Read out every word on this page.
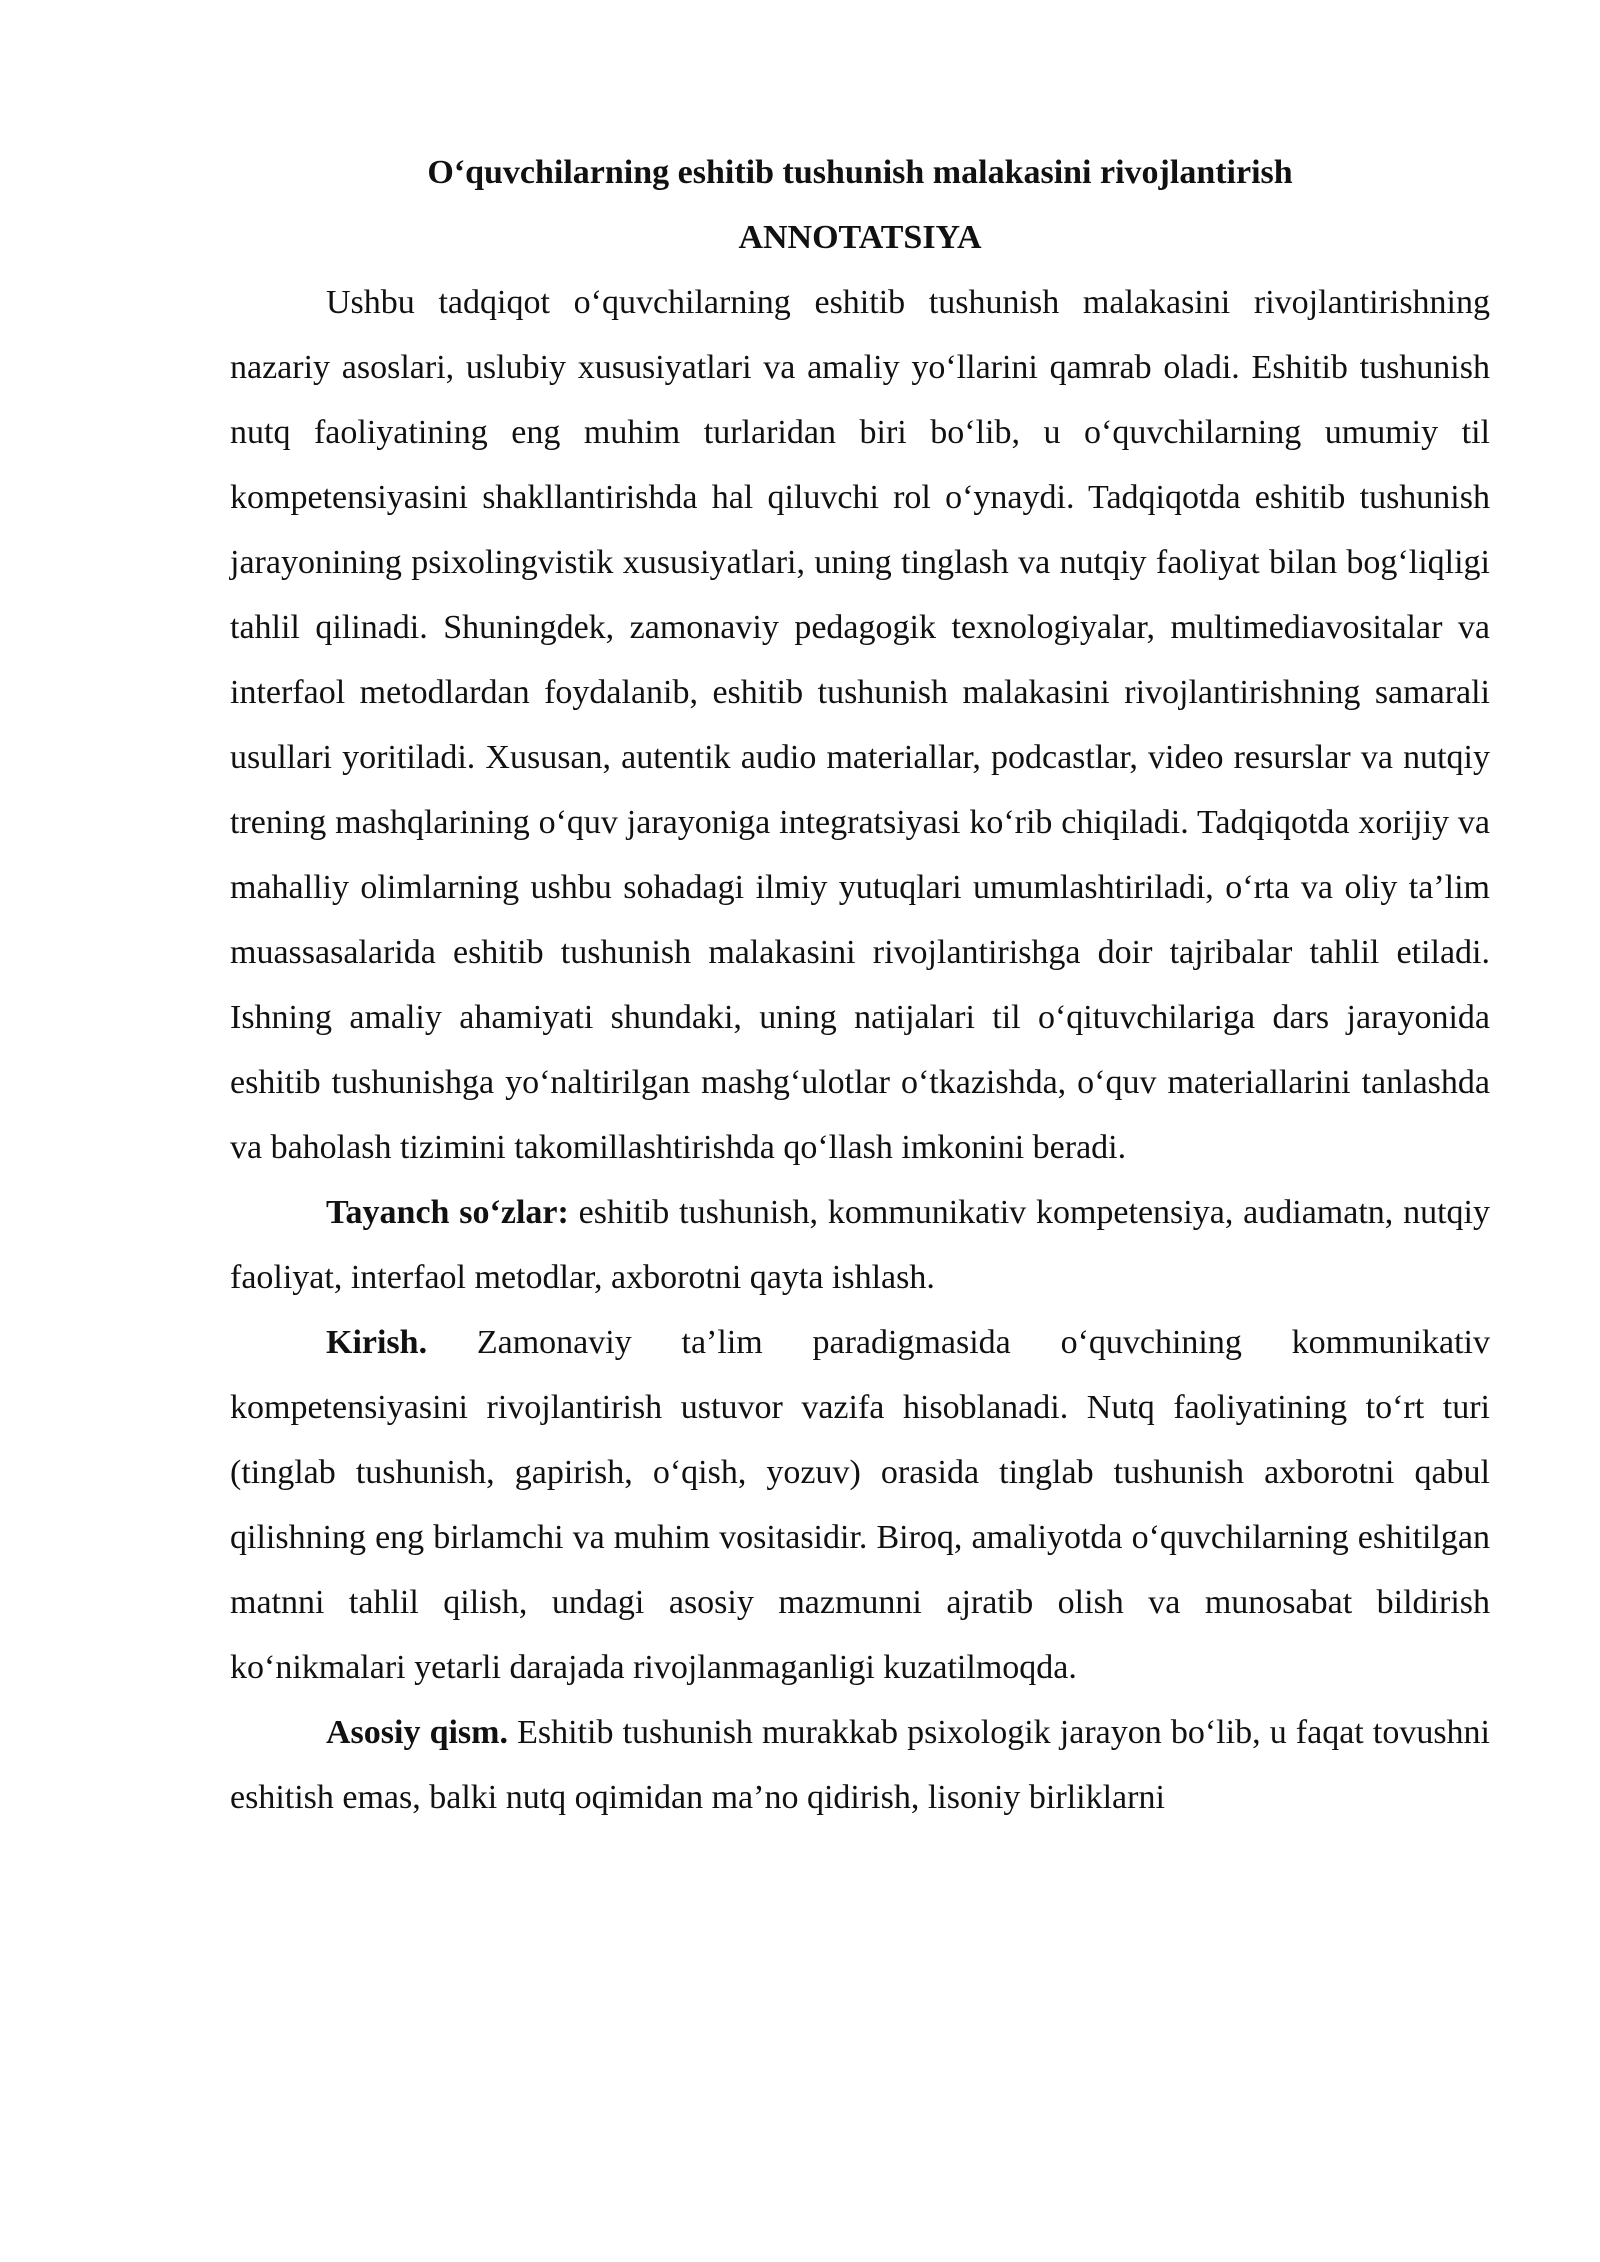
O‘quvchilarning eshitib tushunish malakasini rivojlantirish

ANNOTATSIYA

Ushbu tadqiqot o‘quvchilarning eshitib tushunish malakasini rivojlantirishning nazariy asoslari, uslubiy xususiyatlari va amaliy yo‘llarini qamrab oladi. Eshitib tushunish nutq faoliyatining eng muhim turlaridan biri bo‘lib, u o‘quvchilarning umumiy til kompetensiyasini shakllantirishda hal qiluvchi rol o‘ynaydi. Tadqiqotda eshitib tushunish jarayonining psixolingvistik xususiyatlari, uning tinglash va nutqiy faoliyat bilan bog‘liqligi tahlil qilinadi. Shuningdek, zamonaviy pedagogik texnologiyalar, multimediavositalar va interfaol metodlardan foydalanib, eshitib tushunish malakasini rivojlantirishning samarali usullari yoritiladi. Xususan, autentik audio materiallar, podcastlar, video resurslar va nutqiy trening mashqlarining o‘quv jarayoniga integratsiyasi ko‘rib chiqiladi. Tadqiqotda xorijiy va mahalliy olimlarning ushbu sohadagi ilmiy yutuqlari umumlashtiriladi, o‘rta va oliy ta’lim muassasalarida eshitib tushunish malakasini rivojlantirishga doir tajribalar tahlil etiladi. Ishning amaliy ahamiyati shundaki, uning natijalari til o‘qituvchilariga dars jarayonida eshitib tushunishga yo‘naltirilgan mashg‘ulotlar o‘tkazishda, o‘quv materiallarini tanlashda va baholash tizimini takomillashtirishda qo‘llash imkonini beradi.

Tayanch so‘zlar: eshitib tushunish, kommunikativ kompetensiya, audiamatn, nutqiy faoliyat, interfaol metodlar, axborotni qayta ishlash.

Kirish. Zamonaviy ta’lim paradigmasida o‘quvchining kommunikativ kompetensiyasini rivojlantirish ustuvor vazifa hisoblanadi. Nutq faoliyatining to‘rt turi (tinglab tushunish, gapirish, o‘qish, yozuv) orasida tinglab tushunish axborotni qabul qilishning eng birlamchi va muhim vositasidir. Biroq, amaliyotda o‘quvchilarning eshitilgan matnni tahlil qilish, undagi asosiy mazmunni ajratib olish va munosabat bildirish ko‘nikmalari yetarli darajada rivojlanmaganligi kuzatilmoqda.

Asosiy qism. Eshitib tushunish murakkab psixologik jarayon bo‘lib, u faqat tovushni eshitish emas, balki nutq oqimidan ma’no qidirish, lisoniy birliklarni
